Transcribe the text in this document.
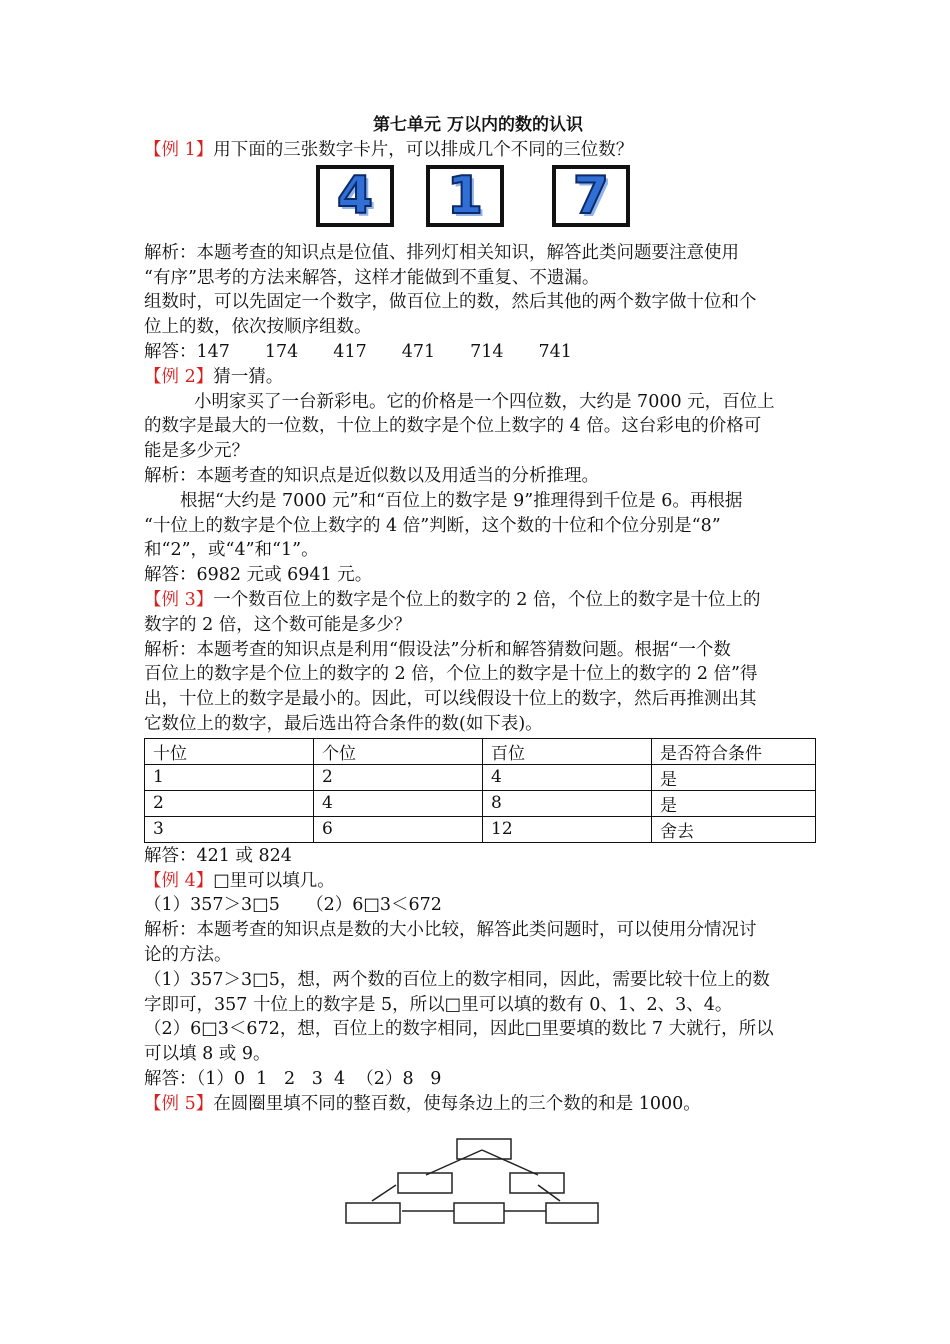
第七单元 万以内的数的认识

【例 1】用下面的三张数字卡片，可以排成几个不同的三位数？

4 1 7

解析：本题考查的知识点是位值、排列灯相关知识，解答此类问题要注意使用

“有序”思考的方法来解答，这样才能做到不重复、不遗漏。

组数时，可以先固定一个数字，做百位上的数，然后其他的两个数字做十位和个

位上的数，依次按顺序组数。

解答：147　　174　　417　　471　　714　　741

【例 2】猜一猜。

小明家买了一台新彩电。它的价格是一个四位数，大约是 7000 元，百位上

的数字是最大的一位数，十位上的数字是个位上数字的 4 倍。这台彩电的价格可

能是多少元？

解析：本题考查的知识点是近似数以及用适当的分析推理。

根据“大约是 7000 元”和“百位上的数字是 9”推理得到千位是 6。再根据

“十位上的数字是个位上数字的 4 倍”判断，这个数的十位和个位分别是“8”

和“2”，或“4”和“1”。

解答：6982 元或 6941 元。

【例 3】一个数百位上的数字是个位上的数字的 2 倍，个位上的数字是十位上的

数字的 2 倍，这个数可能是多少？

解析：本题考查的知识点是利用“假设法”分析和解答猜数问题。根据“一个数

百位上的数字是个位上的数字的 2 倍，个位上的数字是十位上的数字的 2 倍”得

出，十位上的数字是最小的。因此，可以线假设十位上的数字，然后再推测出其

它数位上的数字，最后选出符合条件的数(如下表)。

十位	个位	百位	是否符合条件
1	2	4	是
2	4	8	是
3	6	12	舍去

解答：421 或 824

【例 4】□里可以填几。

（1）357＞3□5　　（2）6□3＜672

解析：本题考查的知识点是数的大小比较，解答此类问题时，可以使用分情况讨

论的方法。

（1）357＞3□5，想，两个数的百位上的数字相同，因此，需要比较十位上的数

字即可，357 十位上的数字是 5，所以□里可以填的数有 0、1、2、3、4。

（2）6□3＜672，想，百位上的数字相同，因此□里要填的数比 7 大就行，所以

可以填 8 或 9。

解答：（1）0  1   2   3  4  （2）8   9

【例 5】在圆圈里填不同的整百数，使每条边上的三个数的和是 1000。
